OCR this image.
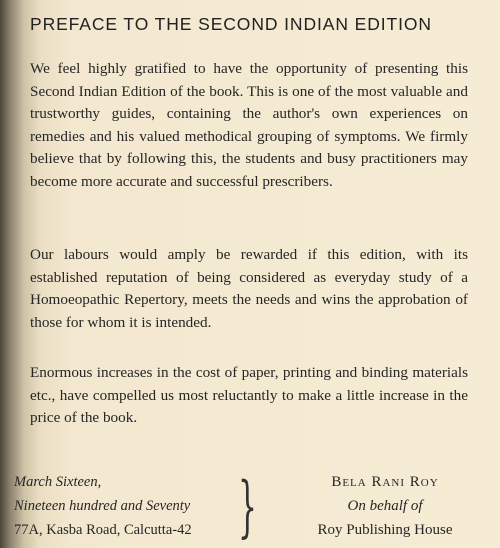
PREFACE TO THE SECOND INDIAN EDITION
We feel highly gratified to have the opportunity of presenting this Second Indian Edition of the book. This is one of the most valuable and trustworthy guides, containing the author's own experiences on remedies and his valued methodical grouping of symptoms. We firmly believe that by following this, the students and busy practitioners may become more accurate and successful prescribers.
Our labours would amply be rewarded if this edition, with its established reputation of being considered as everyday study of a Homoeopathic Repertory, meets the needs and wins the approbation of those for whom it is intended.
Enormous increases in the cost of paper, printing and binding materials etc., have compelled us most reluctantly to make a little increase in the price of the book.
March Sixteen,
Nineteen hundred and Seventy
77A, Kasba Road, Calcutta-42 }	Bela Rani Roy
On behalf of
Roy Publishing House
